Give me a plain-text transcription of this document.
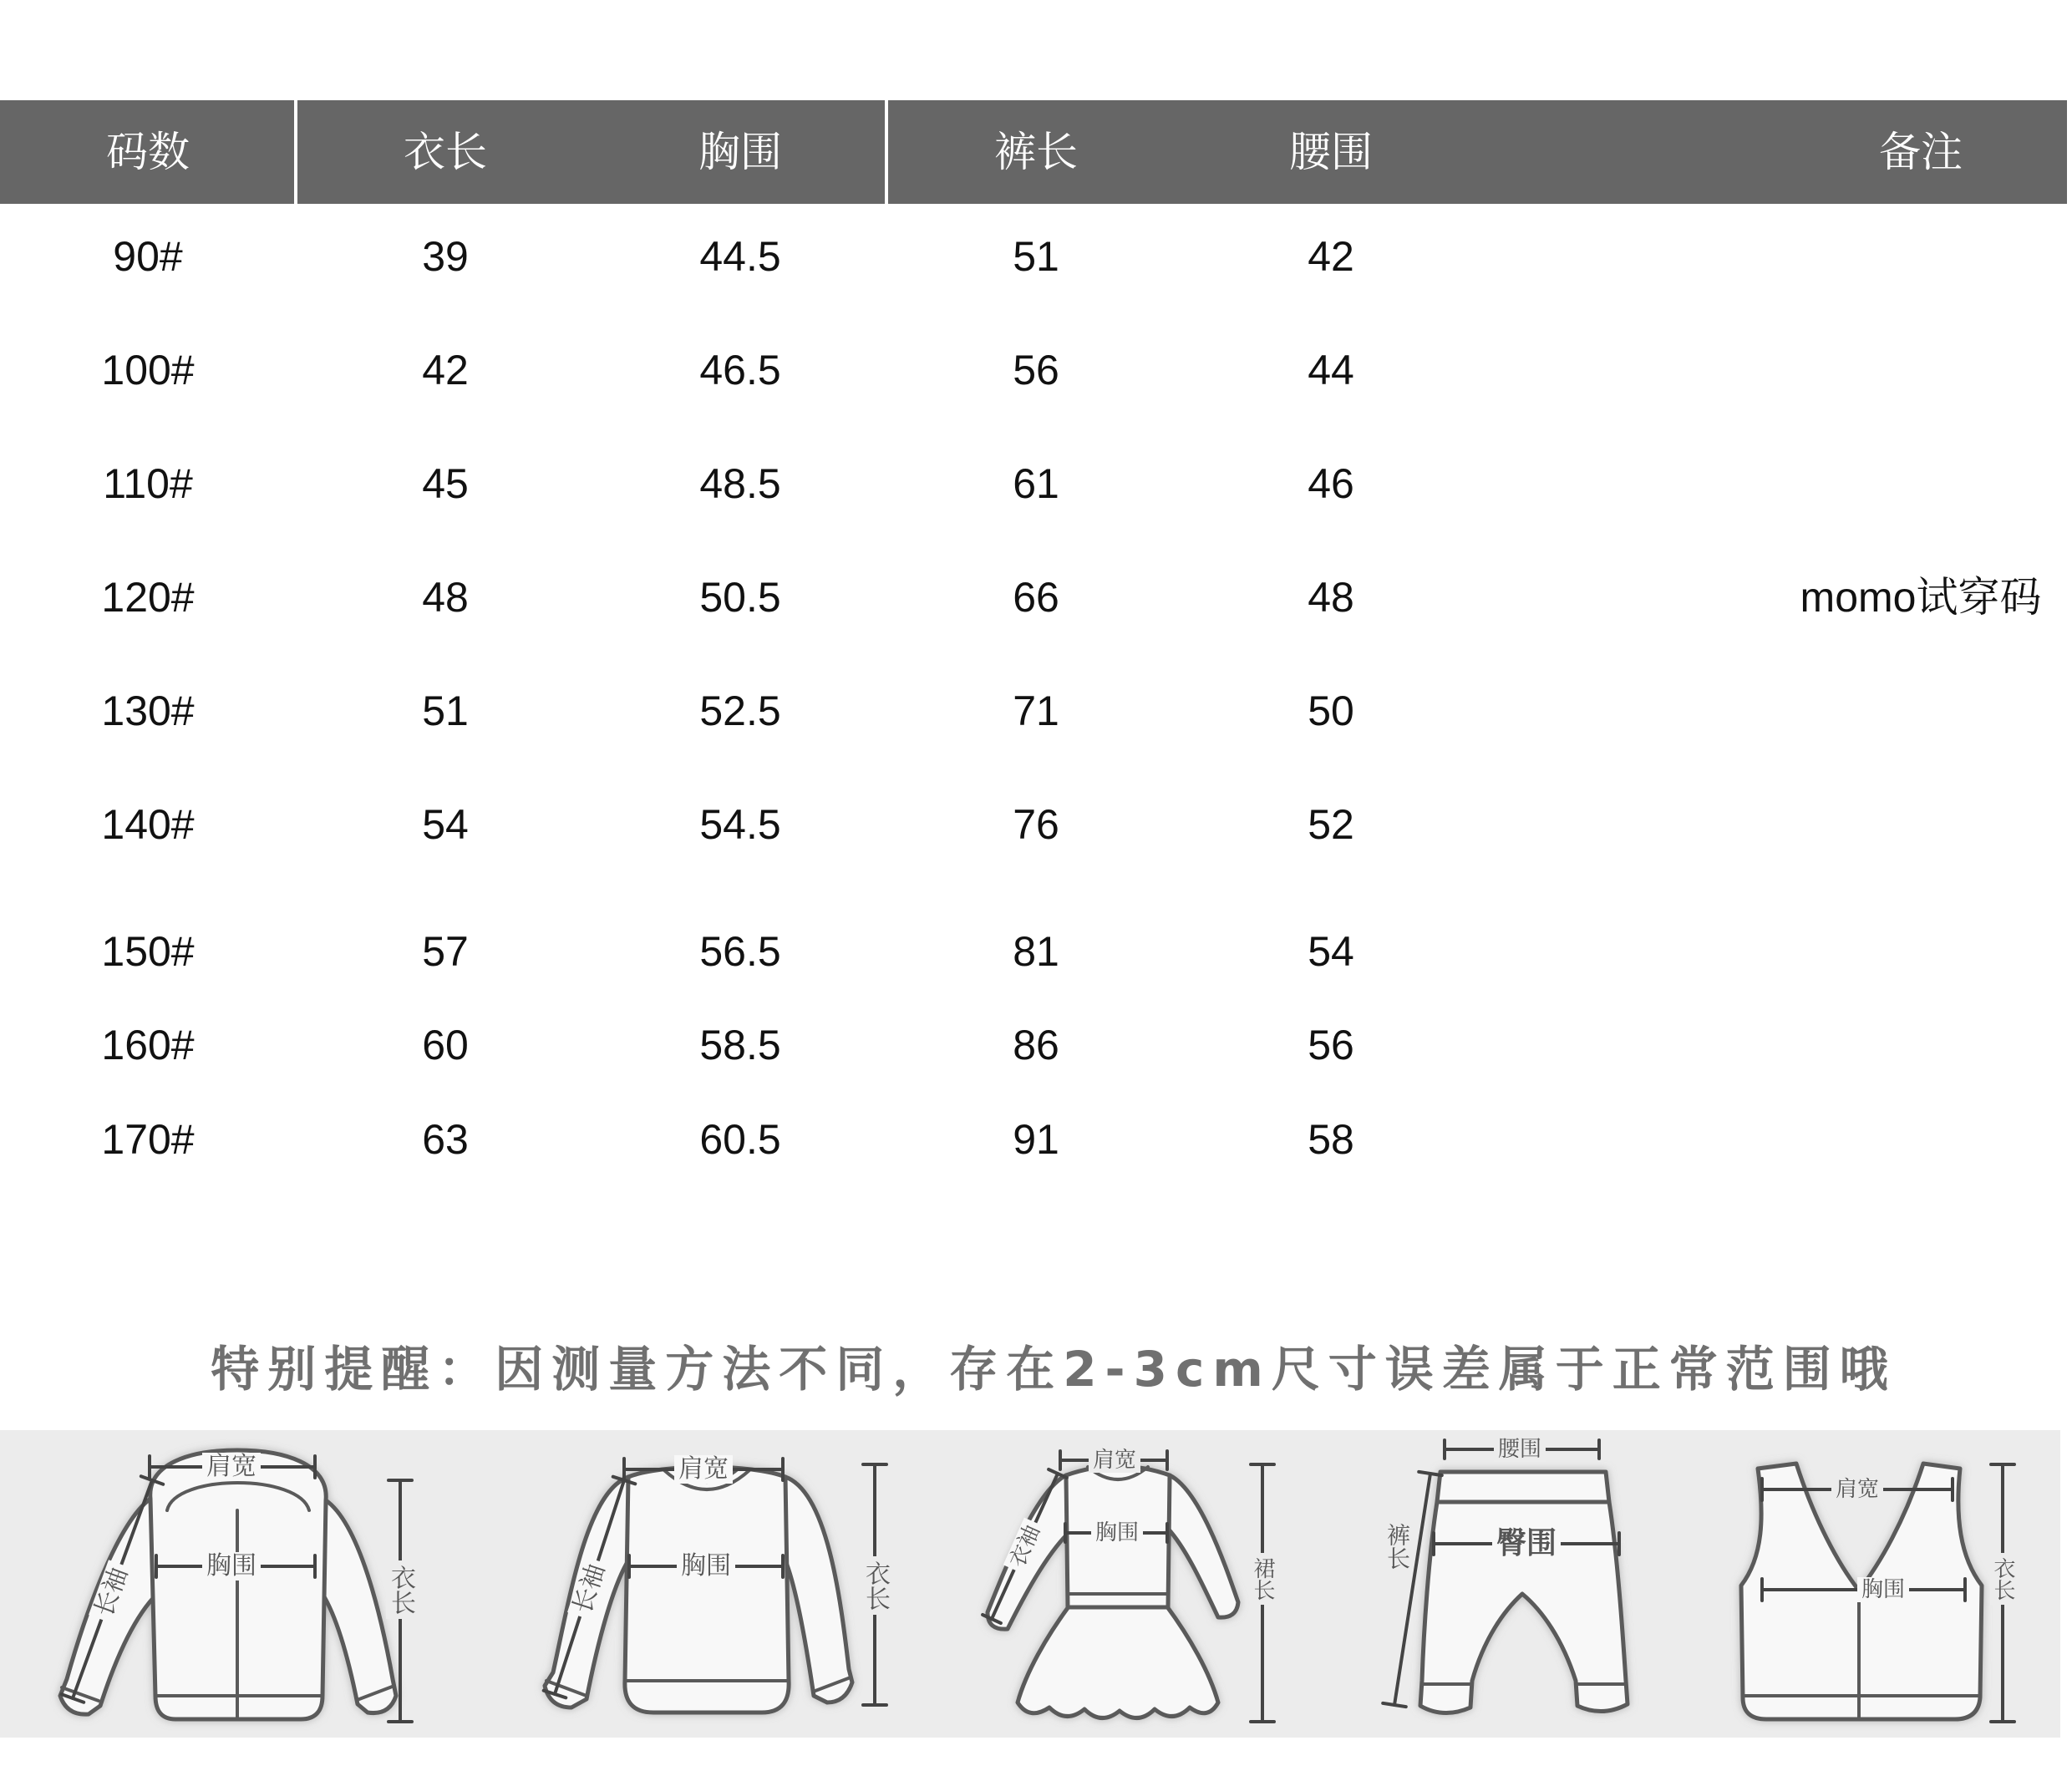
码数	衣长	胸围	裤长	腰围	备注
90#	39	44.5	51	42
100#	42	46.5	56	44
110#	45	48.5	61	46
120#	48	50.5	66	48	momo试穿码
130#	51	52.5	71	50
140#	54	54.5	76	52
150#	57	56.5	81	54
160#	60	58.5	86	56
170#	63	60.5	91	58
特别提醒：因测量方法不同，存在2-3cm尺寸误差属于正常范围哦
肩宽
胸围
长袖	衣长
肩宽
胸围
长袖	衣长
肩宽
胸围
衣袖
裙长
腰围
臀围
裤长
肩宽
胸围	衣长
